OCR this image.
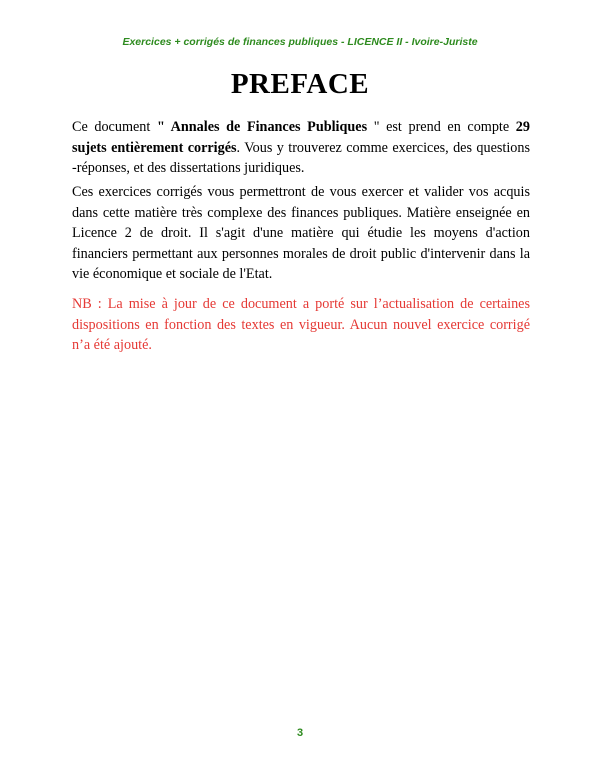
Exercices + corrigés de finances publiques - LICENCE II - Ivoire-Juriste
PREFACE

Ce document " Annales de Finances Publiques " est prend en compte 29 sujets entièrement corrigés. Vous y trouverez comme exercices, des questions -réponses, et des dissertations juridiques.

Ces exercices corrigés vous permettront de vous exercer et valider vos acquis dans cette matière très complexe des finances publiques. Matière enseignée en Licence 2 de droit. Il s'agit d'une matière qui étudie les moyens d'action financiers permettant aux personnes morales de droit public d'intervenir dans la vie économique et sociale de l'Etat.

NB : La mise à jour de ce document a porté sur l’actualisation de certaines dispositions en fonction des textes en vigueur. Aucun nouvel exercice corrigé n’a été ajouté.

3
